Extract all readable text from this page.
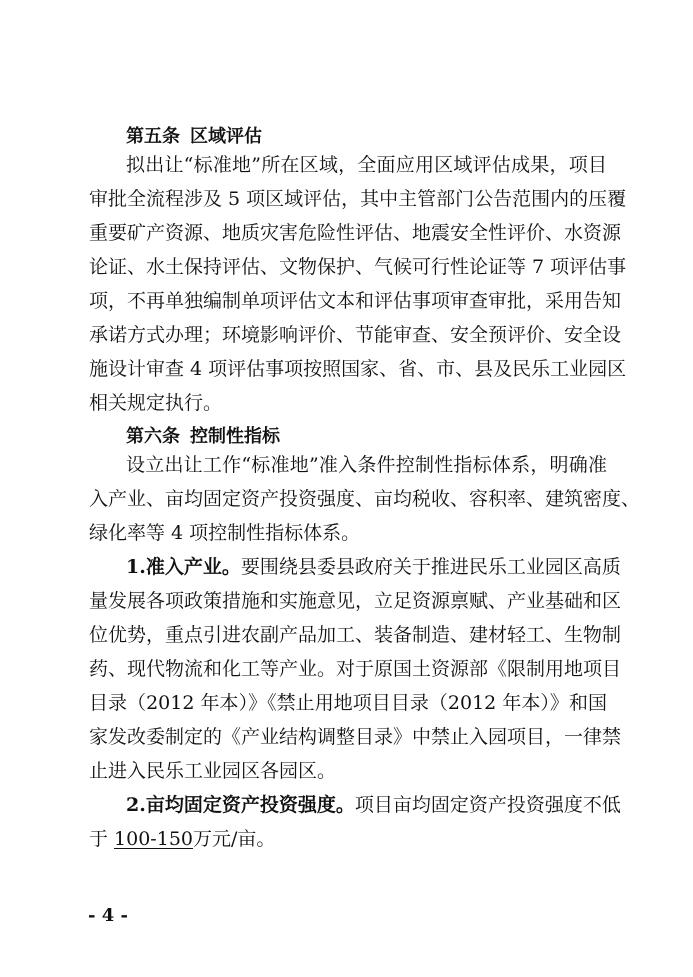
第五条 区域评估
拟出让“标准地”所在区域，全面应用区域评估成果，项目
审批全流程涉及 5 项区域评估，其中主管部门公告范围内的压覆
重要矿产资源、地质灾害危险性评估、地震安全性评价、水资源
论证、水土保持评估、文物保护、气候可行性论证等 7 项评估事
项，不再单独编制单项评估文本和评估事项审查审批，采用告知
承诺方式办理；环境影响评价、节能审查、安全预评价、安全设
施设计审查 4 项评估事项按照国家、省、市、县及民乐工业园区
相关规定执行。
第六条 控制性指标
设立出让工作“标准地”准入条件控制性指标体系，明确准
入产业、亩均固定资产投资强度、亩均税收、容积率、建筑密度、
绿化率等 4 项控制性指标体系。
1.准入产业。要围绕县委县政府关于推进民乐工业园区高质
量发展各项政策措施和实施意见，立足资源禀赋、产业基础和区
位优势，重点引进农副产品加工、装备制造、建材轻工、生物制
药、现代物流和化工等产业。对于原国土资源部《限制用地项目
目录（2012 年本）》《禁止用地项目目录（2012 年本）》和国
家发改委制定的《产业结构调整目录》中禁止入园项目，一律禁
止进入民乐工业园区各园区。
2.亩均固定资产投资强度。项目亩均固定资产投资强度不低
于 100-150万元/亩。
- 4 -
